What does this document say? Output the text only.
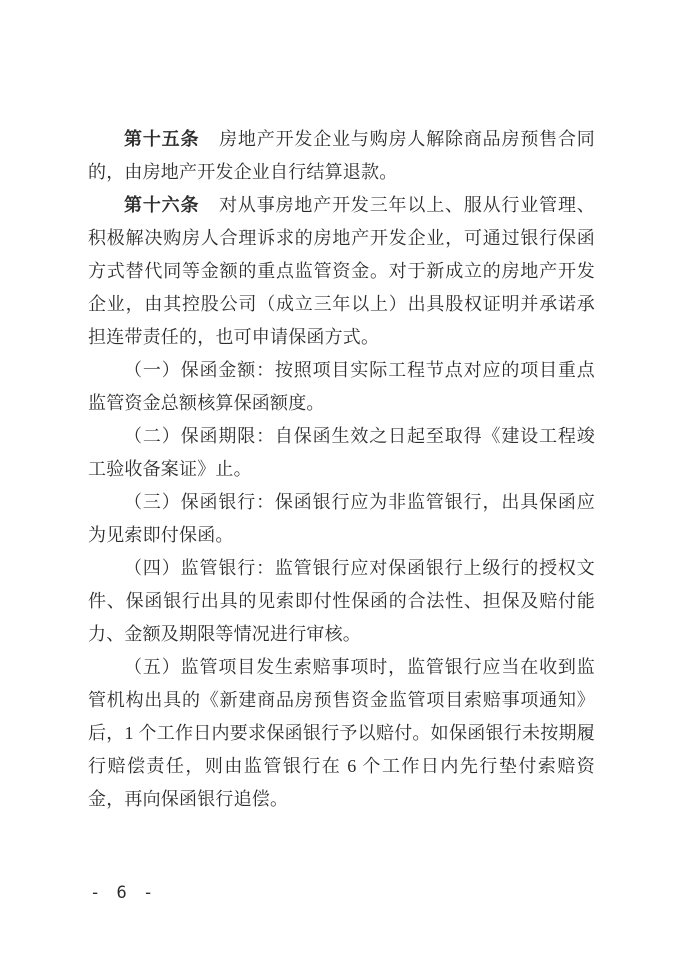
第十五条 房地产开发企业与购房人解除商品房预售合同的，由房地产开发企业自行结算退款。

第十六条 对从事房地产开发三年以上、服从行业管理、积极解决购房人合理诉求的房地产开发企业，可通过银行保函方式替代同等金额的重点监管资金。对于新成立的房地产开发企业，由其控股公司（成立三年以上）出具股权证明并承诺承担连带责任的，也可申请保函方式。

（一）保函金额：按照项目实际工程节点对应的项目重点监管资金总额核算保函额度。

（二）保函期限：自保函生效之日起至取得《建设工程竣工验收备案证》止。

（三）保函银行：保函银行应为非监管银行，出具保函应为见索即付保函。

（四）监管银行：监管银行应对保函银行上级行的授权文件、保函银行出具的见索即付性保函的合法性、担保及赔付能力、金额及期限等情况进行审核。

（五）监管项目发生索赔事项时，监管银行应当在收到监管机构出具的《新建商品房预售资金监管项目索赔事项通知》后，1 个工作日内要求保函银行予以赔付。如保函银行未按期履行赔偿责任，则由监管银行在 6 个工作日内先行垫付索赔资金，再向保函银行追偿。

- 6 -
